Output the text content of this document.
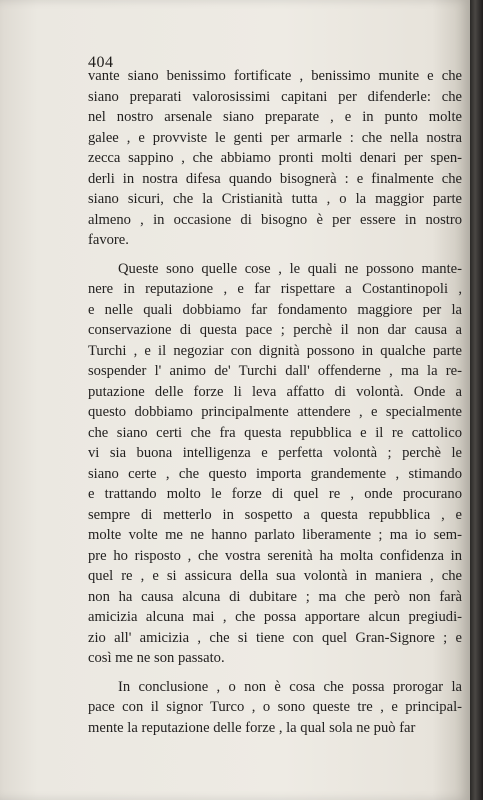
404
vante siano benissimo fortificate , benissimo munite e che
siano preparati valorosissimi capitani per difenderle: che
nel nostro arsenale siano preparate , e in punto molte
galee , e provviste le genti per armarle : che nella nostra
zecca sappino , che abbiamo pronti molti denari per spen-
derli in nostra difesa quando bisognerà : e finalmente che
siano sicuri, che la Cristianità tutta , o la maggior parte
almeno , in occasione di bisogno è per essere in nostro
favore.
Queste sono quelle cose , le quali ne possono mante-
nere in reputazione , e far rispettare a Costantinopoli ,
e nelle quali dobbiamo far fondamento maggiore per la
conservazione di questa pace ; perchè il non dar causa a
Turchi , e il negoziar con dignità possono in qualche parte
sospender l' animo de' Turchi dall' offenderne , ma la re-
putazione delle forze li leva affatto di volontà. Onde a
questo dobbiamo principalmente attendere , e specialmente
che siano certi che fra questa repubblica e il re cattolico
vi sia buona intelligenza e perfetta volontà ; perchè le
siano certe , che questo importa grandemente , stimando
e trattando molto le forze di quel re , onde procurano
sempre di metterlo in sospetto a questa repubblica , e
molte volte me ne hanno parlato liberamente ; ma io sem-
pre ho risposto , che vostra serenità ha molta confidenza in
quel re , e si assicura della sua volontà in maniera , che
non ha causa alcuna di dubitare ; ma che però non farà
amicizia alcuna mai , che possa apportare alcun pregiudi-
zio all' amicizia , che si tiene con quel Gran-Signore ; e
così me ne son passato.
In conclusione , o non è cosa che possa prorogar la
pace con il signor Turco , o sono queste tre , e principal-
mente la reputazione delle forze , la qual sola ne può far
